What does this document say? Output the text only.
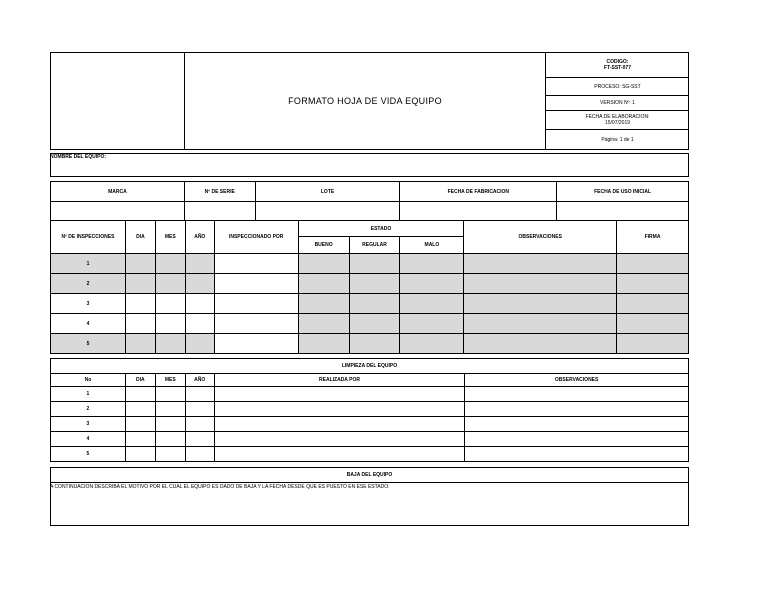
FORMATO HOJA DE VIDA EQUIPO
CODIGO:
FT-SST-077
PROCESO: SG-SST
VERSION Nº: 1
FECHA DE ELABORACION:
15/07/2019
Página: 1 de 1
NOMBRE DEL EQUIPO:
MARCA	Nº DE SERIE	LOTE	FECHA DE FABRICACION	FECHA DE USO INICIAL

Nº DE INSPECCIONES	DIA	MES	AÑO	INSPECCIONADO POR	ESTADO			OBSERVACIONES	FIRMA
					BUENO	REGULAR	MALO		
1									
2									
3									
4									
5									
LIMPIEZA DEL EQUIPO					
No	DIA	MES	AÑO	REALIZADA POR	OBSERVACIONES
1					
2					
3					
4					
5					
BAJA DEL EQUIPO
A CONTINUACION DESCRIBA EL MOTIVO POR EL CUAL EL EQUIPO ES DADO DE BAJA Y LA FECHA DESDE QUE ES PUESTO EN ESE ESTADO:
